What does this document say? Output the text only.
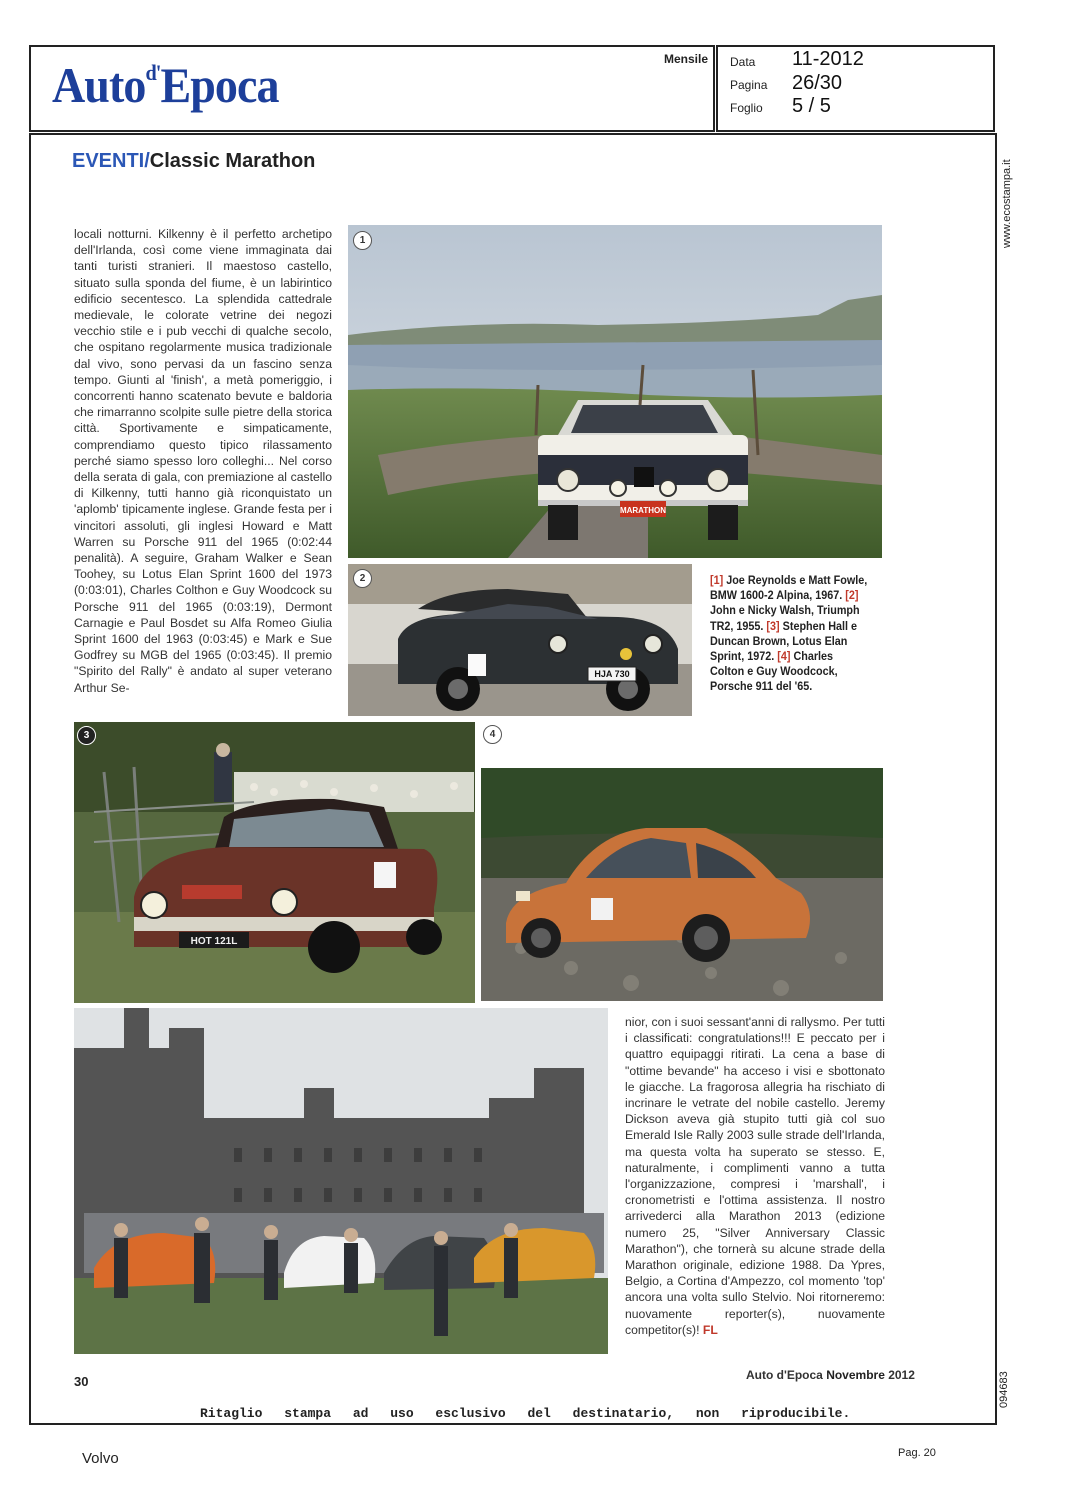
Auto$^{d'}$Epoca	Mensile Data 11-2012
Pagina 26/30
Foglio 5 / 5
www.ecostampa.it
094683
EVENTI/Classic Marathon

locali notturni. Kilkenny è il perfetto archetipo dell'Irlanda, così come viene immaginata dai tanti turisti stranieri. Il maestoso castello, situato sulla sponda del fiume, è un labirintico edificio secentesco. La splendida cattedrale medievale, le colorate vetrine dei negozi vecchio stile e i pub vecchi di qualche secolo, che ospitano regolarmente musica tradizionale dal vivo, sono pervasi da un fascino senza tempo. Giunti al 'finish', a metà pomeriggio, i concorrenti hanno scatenato bevute e baldoria che rimarranno scolpite sulle pietre della storica città. Sportivamente e simpaticamente, comprendiamo questo tipico rilassamento perché siamo spesso loro colleghi... Nel corso della serata di gala, con premiazione al castello di Kilkenny, tutti hanno già riconquistato un 'aplomb' tipicamente inglese. Grande festa per i vincitori assoluti, gli inglesi Howard e Matt Warren su Porsche 911 del 1965 (0:02:44 penalità). A seguire, Graham Walker e Sean Toohey, su Lotus Elan Sprint 1600 del 1973 (0:03:01), Charles Colthon e Guy Woodcock su Porsche 911 del 1965 (0:03:19), Dermont Carnagie e Paul Bosdet su Alfa Romeo Giulia Sprint 1600 del 1963 (0:03:45) e Mark e Sue Godfrey su MGB del 1965 (0:03:45). Il premio "Spirito del Rally" è andato al super veterano Arthur Se-

MARATHON
1
HJA 730
2	[1] Joe Reynolds e Matt Fowle, BMW 1600-2 Alpina, 1967. [2] John e Nicky Walsh, Triumph TR2, 1955. [3] Stephen Hall e Duncan Brown, Lotus Elan Sprint, 1972. [4] Charles Colton e Guy Woodcock, Porsche 911 del '65.
HOT 121L
3	4

nior, con i suoi sessant'anni di rallysmo. Per tutti i classificati: congratulations!!! E peccato per i quattro equipaggi ritirati. La cena a base di "ottime bevande" ha acceso i visi e sbottonato le giacche. La fragorosa allegria ha rischiato di incrinare le vetrate del nobile castello. Jeremy Dickson aveva già stupito tutti già col suo Emerald Isle Rally 2003 sulle strade dell'Irlanda, ma questa volta ha superato se stesso. E, naturalmente, i complimenti vanno a tutta l'organizzazione, compresi i 'marshall', i cronometristi e l'ottima assistenza. Il nostro arrivederci alla Marathon 2013 (edizione numero 25, "Silver Anniversary Classic Marathon"), che tornerà su alcune strade della Marathon originale, edizione 1988. Da Ypres, Belgio, a Cortina d'Ampezzo, col momento 'top' ancora una volta sullo Stelvio. Noi ritorneremo: nuovamente reporter(s), nuovamente competitor(s)! FL

30	Auto d'Epoca Novembre 2012
Ritaglio stampa ad uso esclusivo del destinatario, non riproducibile.
Volvo	Pag. 20
